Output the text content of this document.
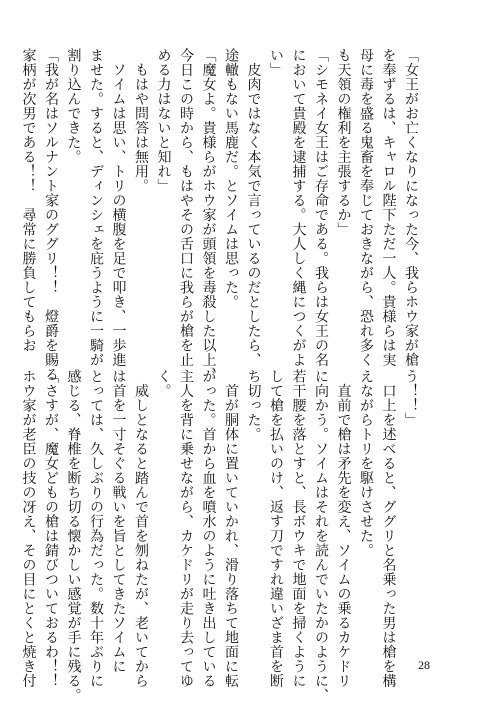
「女王がお亡くなりになった今、我らホウ家が槍
を奉ずるは、キャロル陛下ただ一人。貴様らは実
母に毒を盛る鬼畜を奉じておきながら、恐れ多く
も天領の権利を主張するか」
「シモネイ女王はご存命である。我らは女王の名
において貴殿を逮捕する。大人しく縄につくがよ
い」
　皮肉ではなく本気で言っているのだとしたら、
途轍もない馬鹿だ。とソイムは思った。
「魔女よ。貴様らがホウ家が頭領を毒殺した以上、
今日この時から、もはやその舌口に我らが槍を止
める力はないと知れ」
　もはや問答は無用。
　ソイムは思い、トリの横腹を足で叩き、一歩進
ませた。すると、ディンシェを庇うように一騎が
割り込んできた。
「我が名はソルナント家のググリ！！　燈爵を賜る
家柄が次男である！！　尋常に勝負してもらお
う！！」
　口上を述べると、ググリと名乗った男は槍を構
えながらトリを駆けさせた。
　直前で槍は矛先を変え、ソイムの乗るカケドリ
に向かう。ソイムはそれを読んでいたかのように、
若干腰を落とすと、長ボウキで地面を掃くように
して槍を払いのけ、返す刀ですれ違いざま首を断
ち切った。
　首が胴体に置いていかれ、滑り落ちて地面に転
がった。首から血を噴水のように吐き出している
主人を背に乗せながら、カケドリが走り去ってゆ
く。
　威しとなると踏んで首を刎ねたが、老いてから
は首を一寸そぐる戦いを旨としてきたソイムに
とっては、久しぶりの行為だった。数十年ぶりに
感じる、脊椎を断ち切る懐かしい感覚が手に残る。
「さすが、魔女どもの槍は錆びついておるわ！！
ホウ家が老臣の技の冴え、その目にとくと焼き付	28
